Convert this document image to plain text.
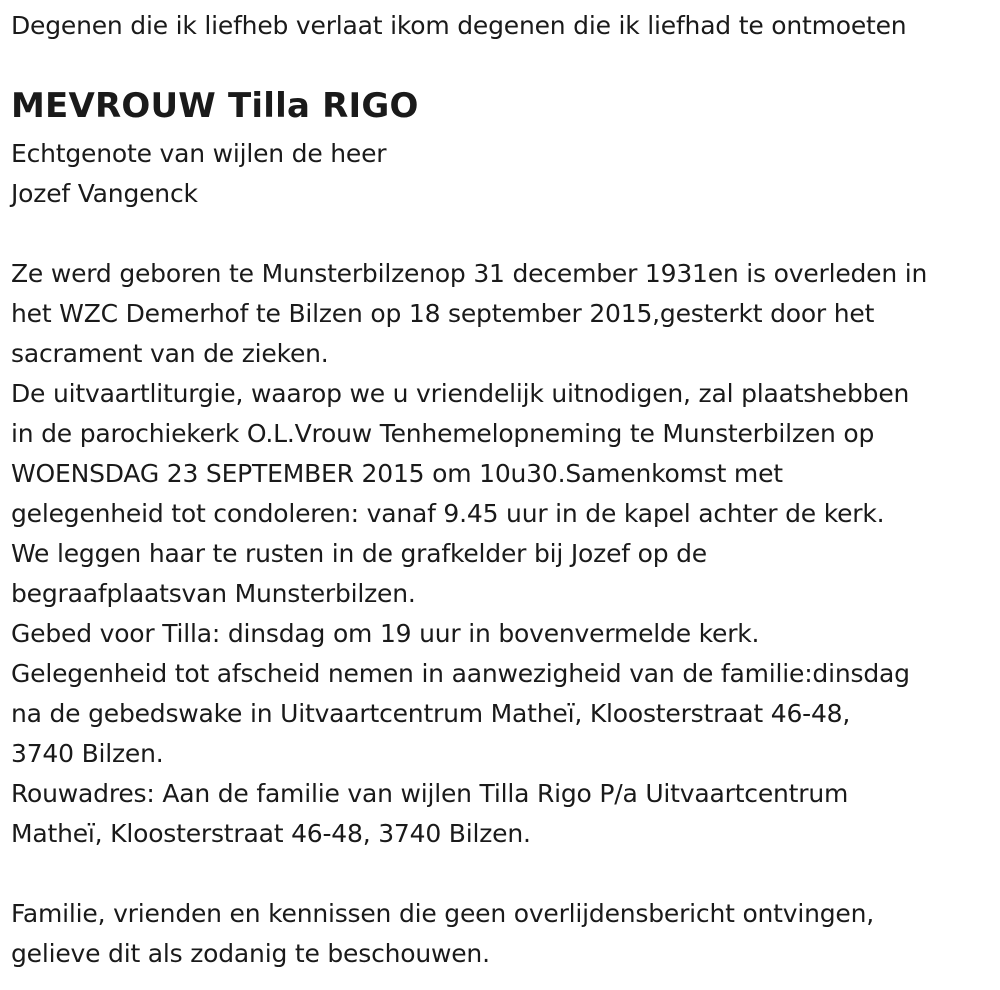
Degenen die ik liefheb verlaat ikom degenen die ik liefhad te ontmoeten
MEVROUW Tilla RIGO
Echtgenote van wijlen de heer
Jozef Vangenck
Ze werd geboren te Munsterbilzenop 31 december 1931en is overleden in
het WZC Demerhof te Bilzen op 18 september 2015,gesterkt door het
sacrament van de zieken.
De uitvaartliturgie, waarop we u vriendelijk uitnodigen, zal plaatshebben
in de parochiekerk O.L.Vrouw Tenhemelopneming te Munsterbilzen op
WOENSDAG 23 SEPTEMBER 2015 om 10u30.Samenkomst met
gelegenheid tot condoleren: vanaf 9.45 uur in de kapel achter de kerk.
We leggen haar te rusten in de grafkelder bij Jozef op de
begraafplaatsvan Munsterbilzen.
Gebed voor Tilla: dinsdag om 19 uur in bovenvermelde kerk.
Gelegenheid tot afscheid nemen in aanwezigheid van de familie:dinsdag
na de gebedswake in Uitvaartcentrum Matheï, Kloosterstraat 46-48,
3740 Bilzen.
Rouwadres: Aan de familie van wijlen Tilla Rigo P/a Uitvaartcentrum
Matheï, Kloosterstraat 46-48, 3740 Bilzen.
Familie, vrienden en kennissen die geen overlijdensbericht ontvingen,
gelieve dit als zodanig te beschouwen.
